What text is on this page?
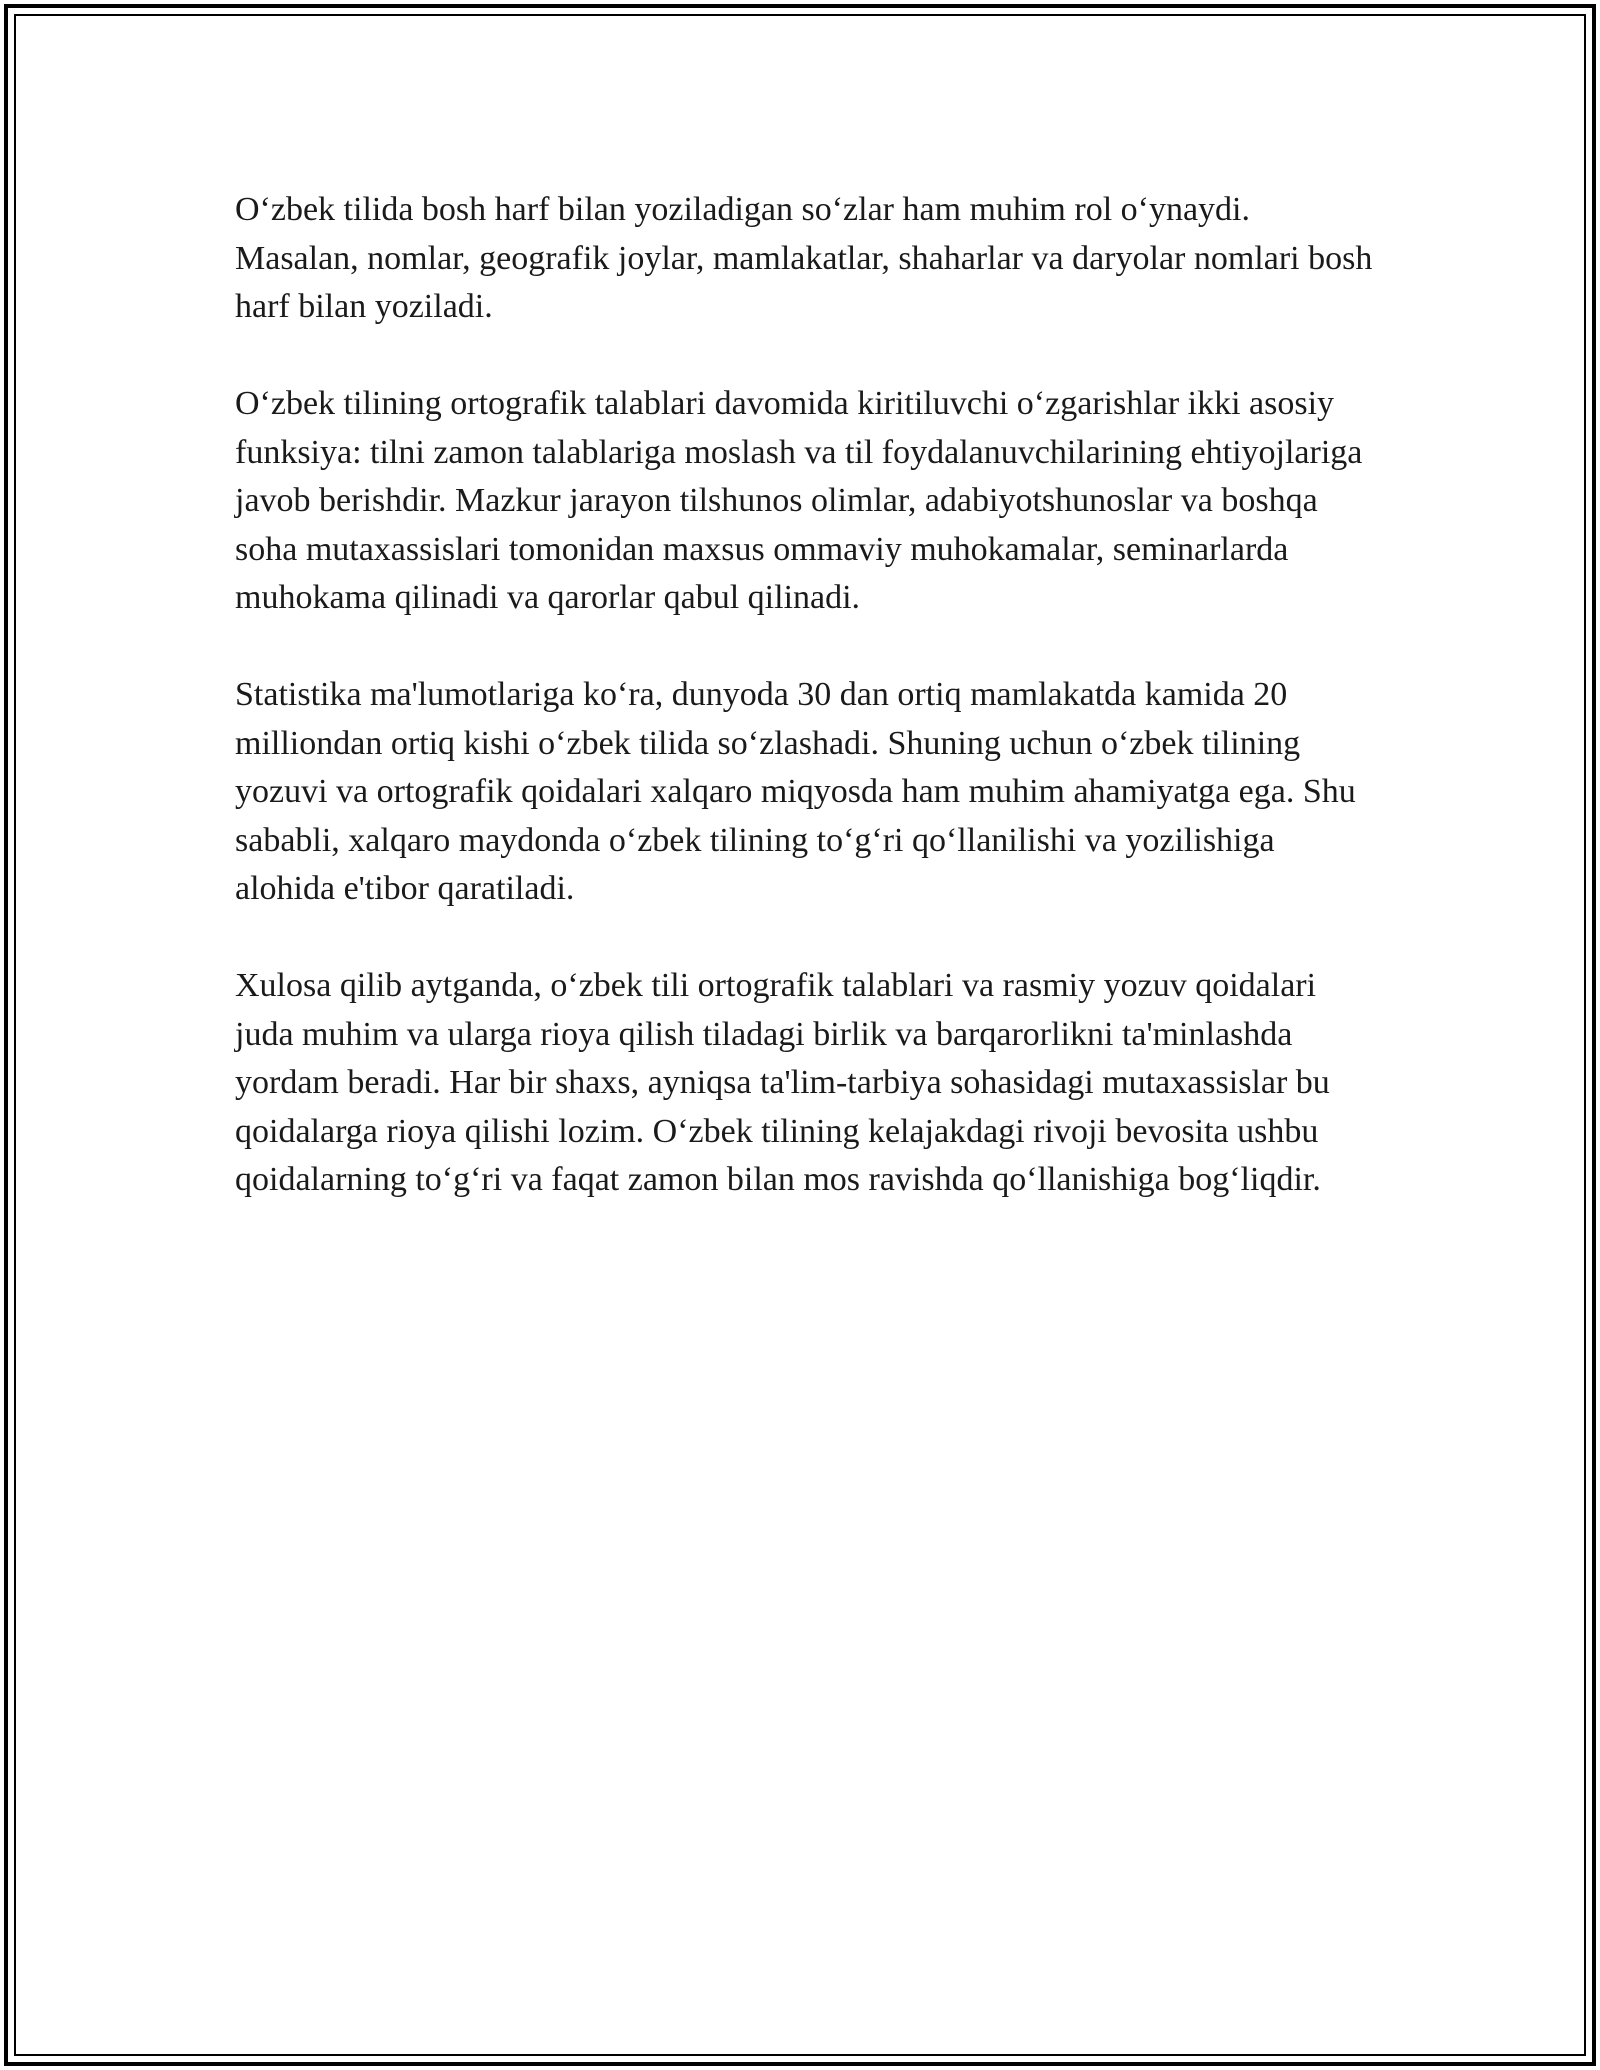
O‘zbek tilida bosh harf bilan yoziladigan so‘zlar ham muhim rol o‘ynaydi. Masalan, nomlar, geografik joylar, mamlakatlar, shaharlar va daryolar nomlari bosh harf bilan yoziladi.

O‘zbek tilining ortografik talablari davomida kiritiluvchi o‘zgarishlar ikki asosiy funksiya: tilni zamon talablariga moslash va til foydalanuvchilarining ehtiyojlariga javob berishdir. Mazkur jarayon tilshunos olimlar, adabiyotshunoslar va boshqa soha mutaxassislari tomonidan maxsus ommaviy muhokamalar, seminarlarda muhokama qilinadi va qarorlar qabul qilinadi.

Statistika ma'lumotlariga ko‘ra, dunyoda 30 dan ortiq mamlakatda kamida 20 milliondan ortiq kishi o‘zbek tilida so‘zlashadi. Shuning uchun o‘zbek tilining yozuvi va ortografik qoidalari xalqaro miqyosda ham muhim ahamiyatga ega. Shu sababli, xalqaro maydonda o‘zbek tilining to‘g‘ri qo‘llanilishi va yozilishiga alohida e'tibor qaratiladi.

Xulosa qilib aytganda, o‘zbek tili ortografik talablari va rasmiy yozuv qoidalari juda muhim va ularga rioya qilish tiladagi birlik va barqarorlikni ta'minlashda yordam beradi. Har bir shaxs, ayniqsa ta'lim-tarbiya sohasidagi mutaxassislar bu qoidalarga rioya qilishi lozim. O‘zbek tilining kelajakdagi rivoji bevosita ushbu qoidalarning to‘g‘ri va faqat zamon bilan mos ravishda qo‘llanishiga bog‘liqdir.
